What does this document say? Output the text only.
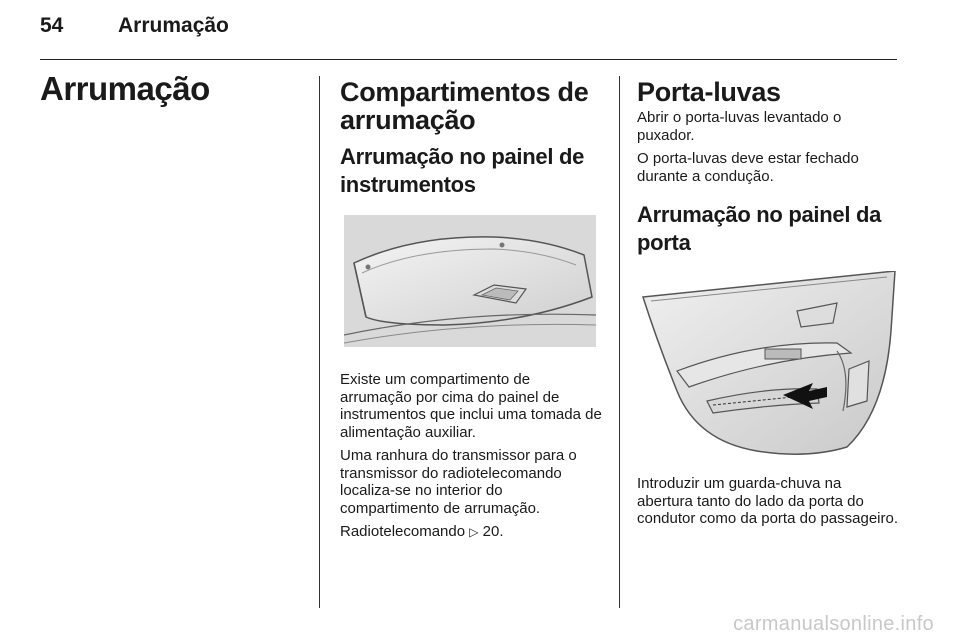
54	Arrumação
Arrumação	Compartimentos de arrumação
Arrumação no painel de instrumentos

Existe um compartimento de arrumação por cima do painel de instrumentos que inclui uma tomada de alimentação auxiliar.

Uma ranhura do transmissor para o transmissor do radiotelecomando localiza-se no interior do compartimento de arrumação.

Radiotelecomando ▷ 20.

Porta-luvas

Abrir o porta-luvas levantado o puxador.

O porta-luvas deve estar fechado durante a condução.

Arrumação no painel da porta

Introduzir um guarda-chuva na abertura tanto do lado da porta do condutor como da porta do passageiro.

carmanualsonline.info
